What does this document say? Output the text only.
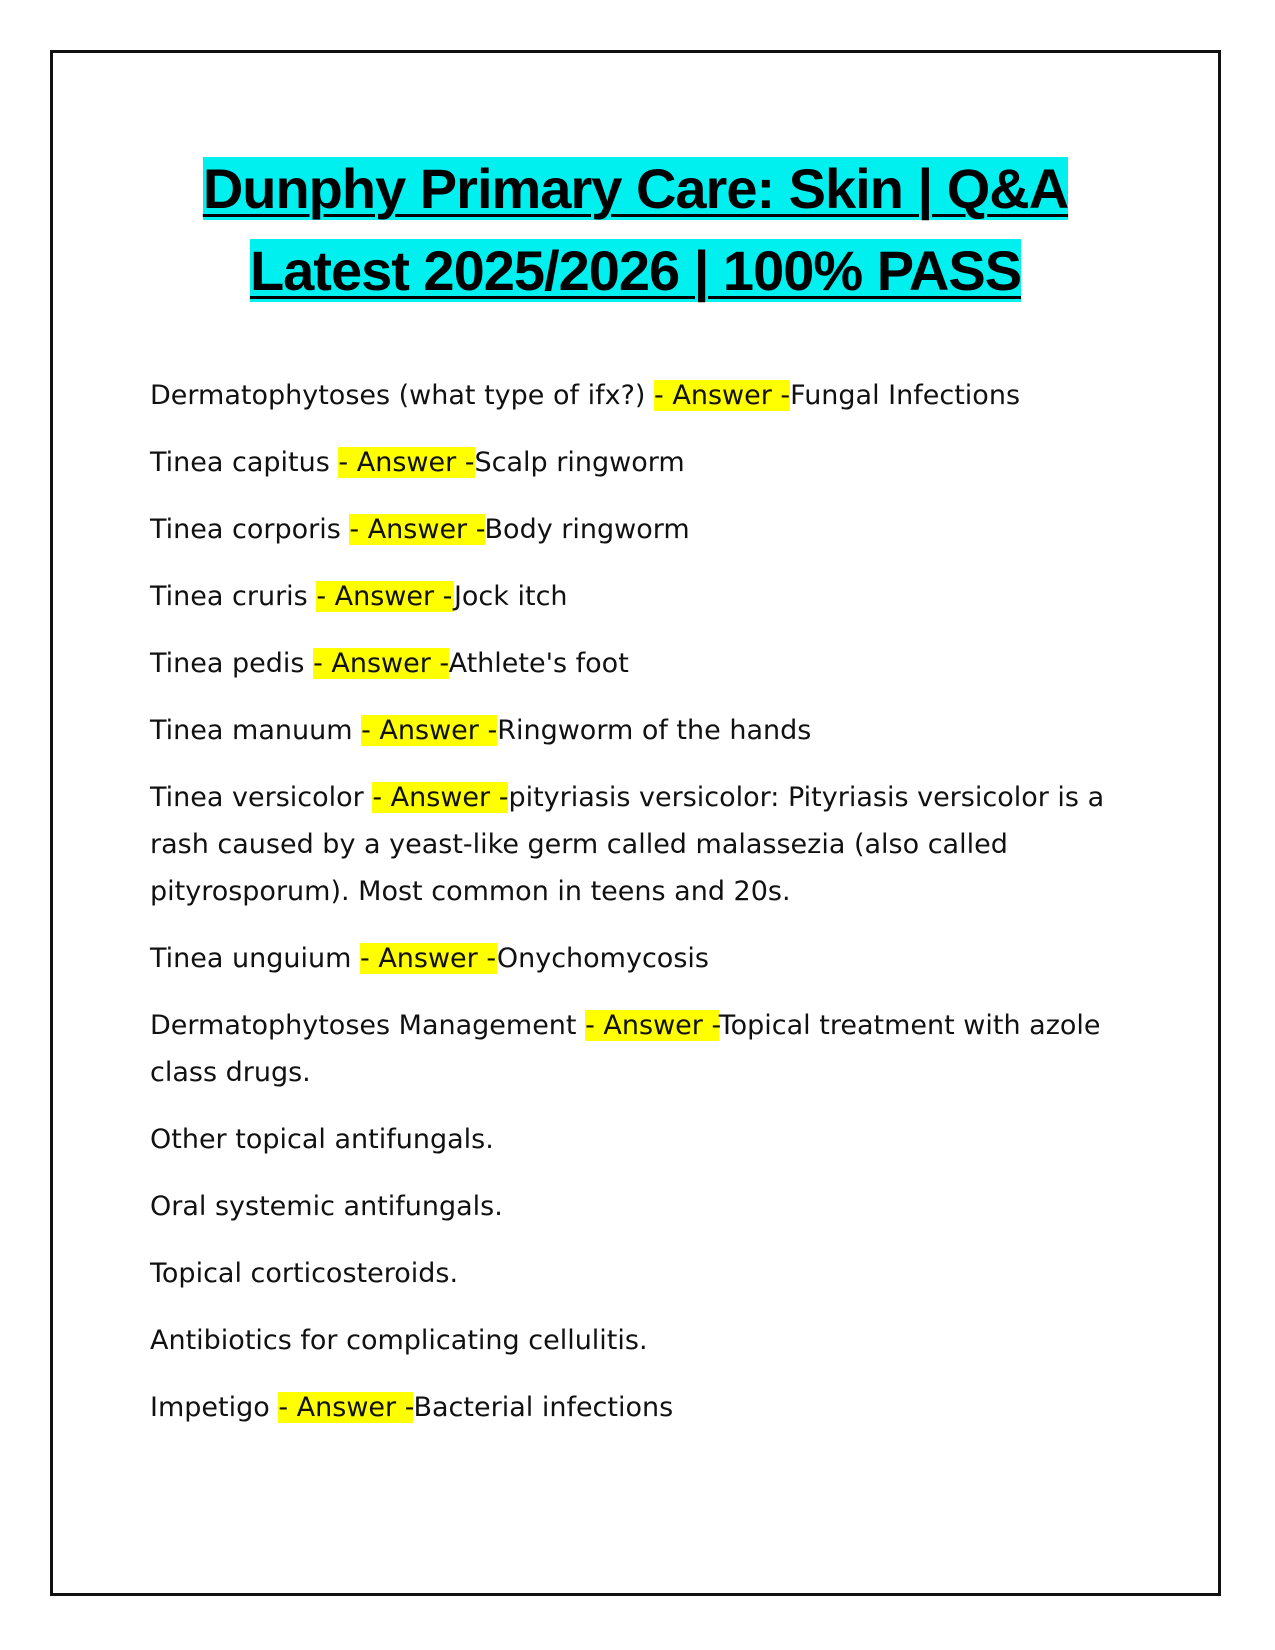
Dunphy Primary Care: Skin | Q&A
Latest 2025/2026 | 100% PASS

Dermatophytoses (what type of ifx?) - Answer -Fungal Infections

Tinea capitus - Answer -Scalp ringworm

Tinea corporis - Answer -Body ringworm

Tinea cruris - Answer -Jock itch

Tinea pedis - Answer -Athlete's foot

Tinea manuum - Answer -Ringworm of the hands

Tinea versicolor - Answer -pityriasis versicolor: Pityriasis versicolor is a rash caused by a yeast-like germ called malassezia (also called pityrosporum). Most common in teens and 20s.

Tinea unguium - Answer -Onychomycosis

Dermatophytoses Management - Answer -Topical treatment with azole class drugs.

Other topical antifungals.

Oral systemic antifungals.

Topical corticosteroids.

Antibiotics for complicating cellulitis.

Impetigo - Answer -Bacterial infections
